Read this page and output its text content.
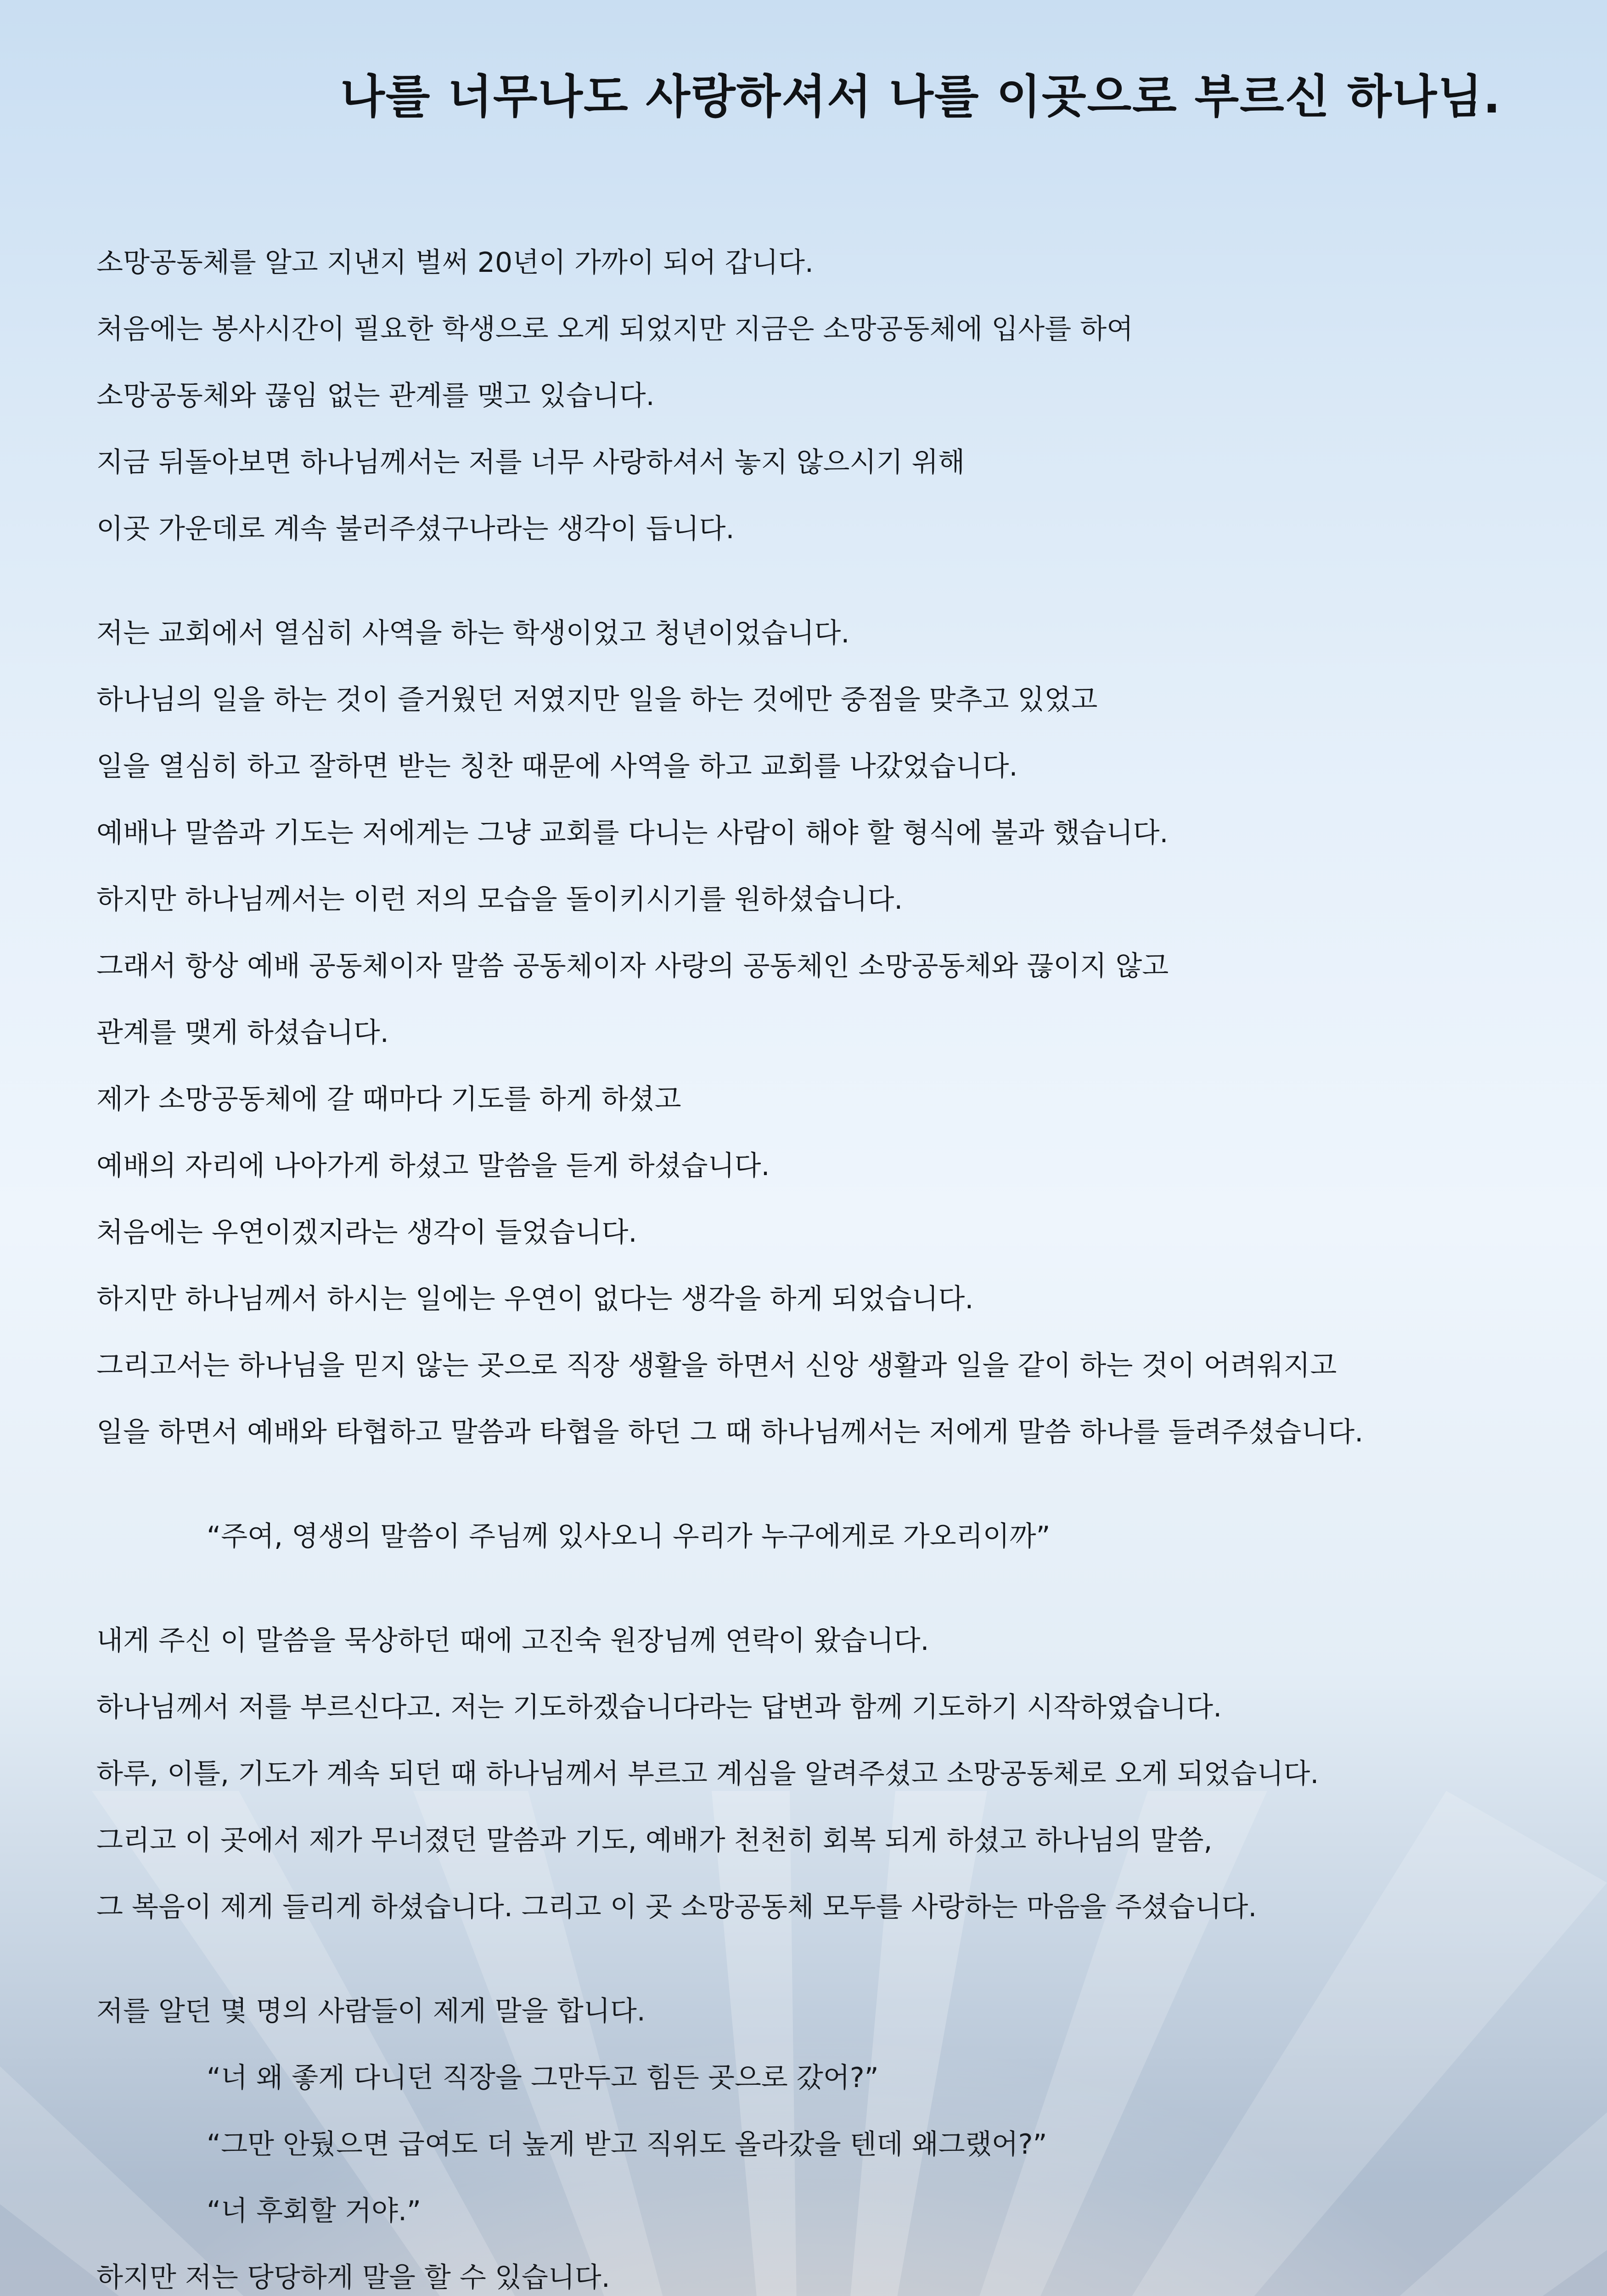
나를 너무나도 사랑하셔서 나를 이곳으로 부르신 하나님.
소망공동체를 알고 지낸지 벌써 20년이 가까이 되어 갑니다.
처음에는 봉사시간이 필요한 학생으로 오게 되었지만 지금은 소망공동체에 입사를 하여
소망공동체와 끊임 없는 관계를 맺고 있습니다.
지금 뒤돌아보면 하나님께서는 저를 너무 사랑하셔서 놓지 않으시기 위해
이곳 가운데로 계속 불러주셨구나라는 생각이 듭니다.
저는 교회에서 열심히 사역을 하는 학생이었고 청년이었습니다.
하나님의 일을 하는 것이 즐거웠던 저였지만 일을 하는 것에만 중점을 맞추고 있었고
일을 열심히 하고 잘하면 받는 칭찬 때문에 사역을 하고 교회를 나갔었습니다.
예배나 말씀과 기도는 저에게는 그냥 교회를 다니는 사람이 해야 할 형식에 불과 했습니다.
하지만 하나님께서는 이런 저의 모습을 돌이키시기를 원하셨습니다.
그래서 항상 예배 공동체이자 말씀 공동체이자 사랑의 공동체인 소망공동체와 끊이지 않고
관계를 맺게 하셨습니다.
제가 소망공동체에 갈 때마다 기도를 하게 하셨고
예배의 자리에 나아가게 하셨고 말씀을 듣게 하셨습니다.
처음에는 우연이겠지라는 생각이 들었습니다.
하지만 하나님께서 하시는 일에는 우연이 없다는 생각을 하게 되었습니다.
그리고서는 하나님을 믿지 않는 곳으로 직장 생활을 하면서 신앙 생활과 일을 같이 하는 것이 어려워지고
일을 하면서 예배와 타협하고 말씀과 타협을 하던 그 때 하나님께서는 저에게 말씀 하나를 들려주셨습니다.
“주여, 영생의 말씀이 주님께 있사오니 우리가 누구에게로 가오리이까”
내게 주신 이 말씀을 묵상하던 때에 고진숙 원장님께 연락이 왔습니다.
하나님께서 저를 부르신다고. 저는 기도하겠습니다라는 답변과 함께 기도하기 시작하였습니다.
하루, 이틀, 기도가 계속 되던 때 하나님께서 부르고 계심을 알려주셨고 소망공동체로 오게 되었습니다.
그리고 이 곳에서 제가 무너졌던 말씀과 기도, 예배가 천천히 회복 되게 하셨고 하나님의 말씀,
그 복음이 제게 들리게 하셨습니다. 그리고 이 곳 소망공동체 모두를 사랑하는 마음을 주셨습니다.
저를 알던 몇 명의 사람들이 제게 말을 합니다.
“너 왜 좋게 다니던 직장을 그만두고 힘든 곳으로 갔어?”
“그만 안뒀으면 급여도 더 높게 받고 직위도 올라갔을 텐데 왜그랬어?”
“너 후회할 거야.”
하지만 저는 당당하게 말을 할 수 있습니다.
